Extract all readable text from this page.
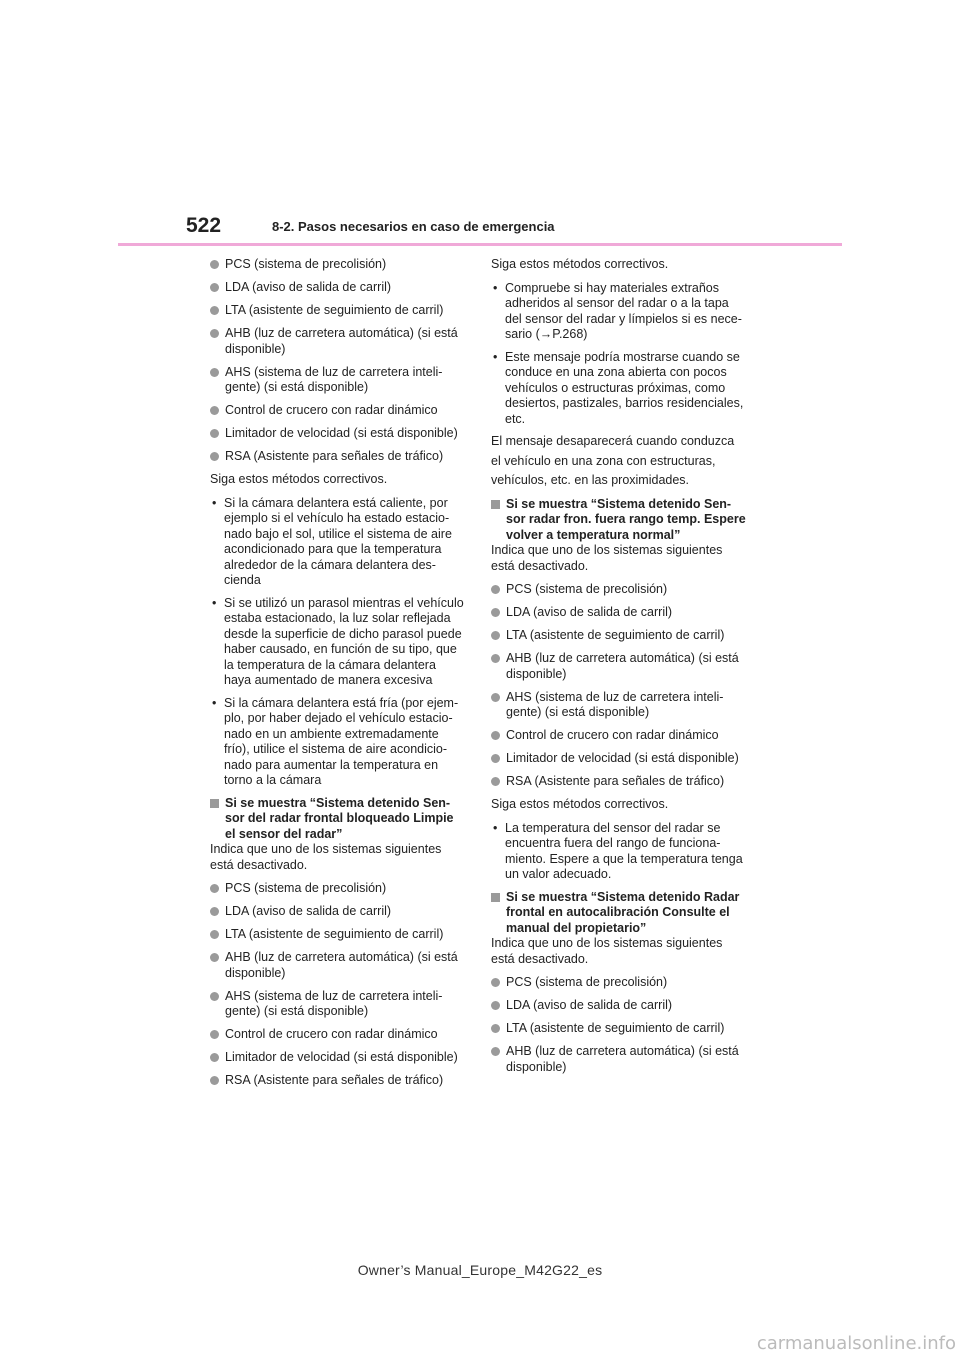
522	8-2. Pasos necesarios en caso de emergencia
PCS (sistema de precolisión)
LDA (aviso de salida de carril)
LTA (asistente de seguimiento de carril)
AHB (luz de carretera automática) (si está disponible)
AHS (sistema de luz de carretera inteli-gente) (si está disponible)
Control de crucero con radar dinámico
Limitador de velocidad (si está disponible)
RSA (Asistente para señales de tráfico)
Siga estos métodos correctivos.
• Si la cámara delantera está caliente, por ejemplo si el vehículo ha estado estacio-nado bajo el sol, utilice el sistema de aire acondicionado para que la temperatura alrededor de la cámara delantera des-cienda
• Si se utilizó un parasol mientras el vehículo estaba estacionado, la luz solar reflejada desde la superficie de dicho parasol puede haber causado, en función de su tipo, que la temperatura de la cámara delantera haya aumentado de manera excesiva
• Si la cámara delantera está fría (por ejem-plo, por haber dejado el vehículo estacio-nado en un ambiente extremadamente frío), utilice el sistema de aire acondicio-nado para aumentar la temperatura en torno a la cámara
Si se muestra “Sistema detenido Sen-sor del radar frontal bloqueado Limpie el sensor del radar”
Indica que uno de los sistemas siguientes está desactivado.
PCS (sistema de precolisión)
LDA (aviso de salida de carril)
LTA (asistente de seguimiento de carril)
AHB (luz de carretera automática) (si está disponible)
AHS (sistema de luz de carretera inteli-gente) (si está disponible)
Control de crucero con radar dinámico
Limitador de velocidad (si está disponible)
RSA (Asistente para señales de tráfico)
Siga estos métodos correctivos.
• Compruebe si hay materiales extraños adheridos al sensor del radar o a la tapa del sensor del radar y límpielos si es nece-sario (→P.268)
• Este mensaje podría mostrarse cuando se conduce en una zona abierta con pocos vehículos o estructuras próximas, como desiertos, pastizales, barrios residenciales, etc.
El mensaje desaparecerá cuando conduzca
el vehículo en una zona con estructuras,
vehículos, etc. en las proximidades.
Si se muestra “Sistema detenido Sen-sor radar fron. fuera rango temp. Espere volver a temperatura normal”
Indica que uno de los sistemas siguientes está desactivado.
PCS (sistema de precolisión)
LDA (aviso de salida de carril)
LTA (asistente de seguimiento de carril)
AHB (luz de carretera automática) (si está disponible)
AHS (sistema de luz de carretera inteli-gente) (si está disponible)
Control de crucero con radar dinámico
Limitador de velocidad (si está disponible)
RSA (Asistente para señales de tráfico)
Siga estos métodos correctivos.
• La temperatura del sensor del radar se encuentra fuera del rango de funciona-miento. Espere a que la temperatura tenga un valor adecuado.
Si se muestra “Sistema detenido Radar frontal en autocalibración Consulte el manual del propietario”
Indica que uno de los sistemas siguientes está desactivado.
PCS (sistema de precolisión)
LDA (aviso de salida de carril)
LTA (asistente de seguimiento de carril)
AHB (luz de carretera automática) (si está disponible)
Owner’s Manual_Europe_M42G22_es
carmanualsonline.info
